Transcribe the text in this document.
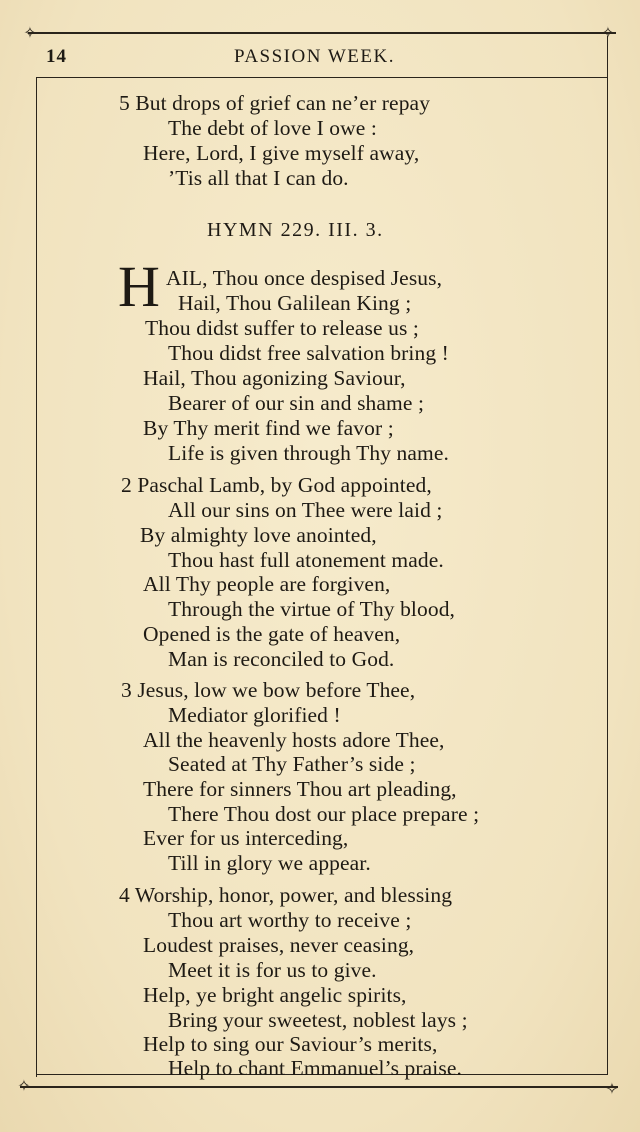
✧	✧
✧	✧
14	PASSION WEEK.
5 But drops of grief can ne’er repay
The debt of love I owe :
Here, Lord, I give myself away,
’Tis all that I can do.
HYMN 229. III. 3.
H AIL, Thou once despised Jesus,
Hail, Thou Galilean King ;
Thou didst suffer to release us ;
Thou didst free salvation bring !
Hail, Thou agonizing Saviour,
Bearer of our sin and shame ;
By Thy merit find we favor ;
Life is given through Thy name.
2 Paschal Lamb, by God appointed,
All our sins on Thee were laid ;
By almighty love anointed,
Thou hast full atonement made.
All Thy people are forgiven,
Through the virtue of Thy blood,
Opened is the gate of heaven,
Man is reconciled to God.
3 Jesus, low we bow before Thee,
Mediator glorified !
All the heavenly hosts adore Thee,
Seated at Thy Father’s side ;
There for sinners Thou art pleading,
There Thou dost our place prepare ;
Ever for us interceding,
Till in glory we appear.
4 Worship, honor, power, and blessing
Thou art worthy to receive ;
Loudest praises, never ceasing,
Meet it is for us to give.
Help, ye bright angelic spirits,
Bring your sweetest, noblest lays ;
Help to sing our Saviour’s merits,
Help to chant Emmanuel’s praise.
